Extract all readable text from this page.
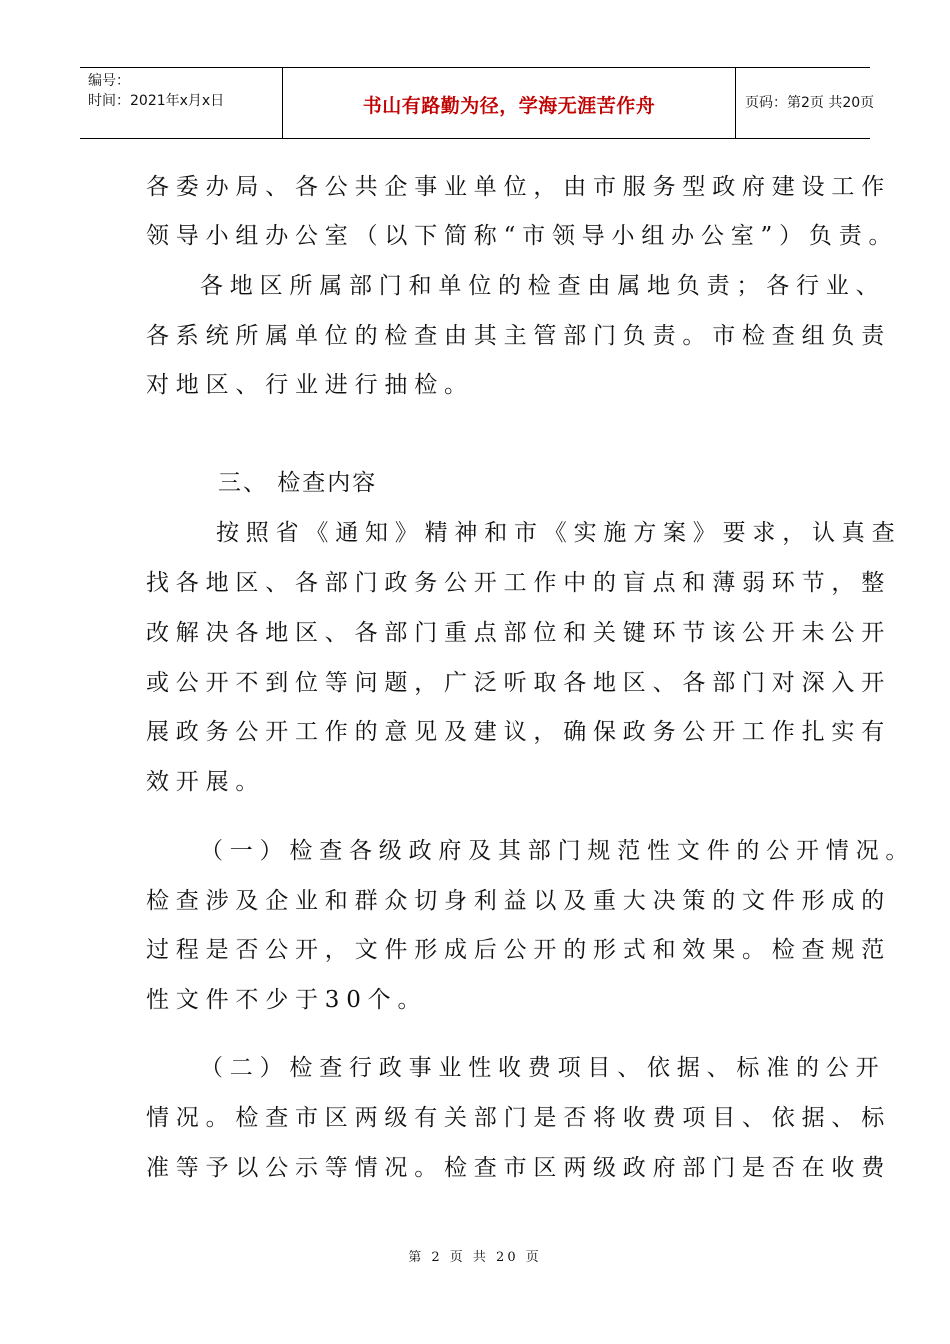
编号：
时间：2021年x月x日	书山有路勤为径，学海无涯苦作舟	页码：第2页 共20页
各委办局、各公共企事业单位，由市服务型政府建设工作
领导小组办公室（以下简称“市领导小组办公室”）负责。
各地区所属部门和单位的检查由属地负责；各行业、
各系统所属单位的检查由其主管部门负责。市检查组负责
对地区、行业进行抽检。
三、 检查内容
按照省《通知》精神和市《实施方案》要求，认真查
找各地区、各部门政务公开工作中的盲点和薄弱环节，整
改解决各地区、各部门重点部位和关键环节该公开未公开
或公开不到位等问题，广泛听取各地区、各部门对深入开
展政务公开工作的意见及建议，确保政务公开工作扎实有
效开展。
（一）检查各级政府及其部门规范性文件的公开情况。
检查涉及企业和群众切身利益以及重大决策的文件形成的
过程是否公开，文件形成后公开的形式和效果。检查规范
性文件不少于30个。
（二）检查行政事业性收费项目、依据、标准的公开
情况。检查市区两级有关部门是否将收费项目、依据、标
准等予以公示等情况。检查市区两级政府部门是否在收费
第 2 页 共 20 页
